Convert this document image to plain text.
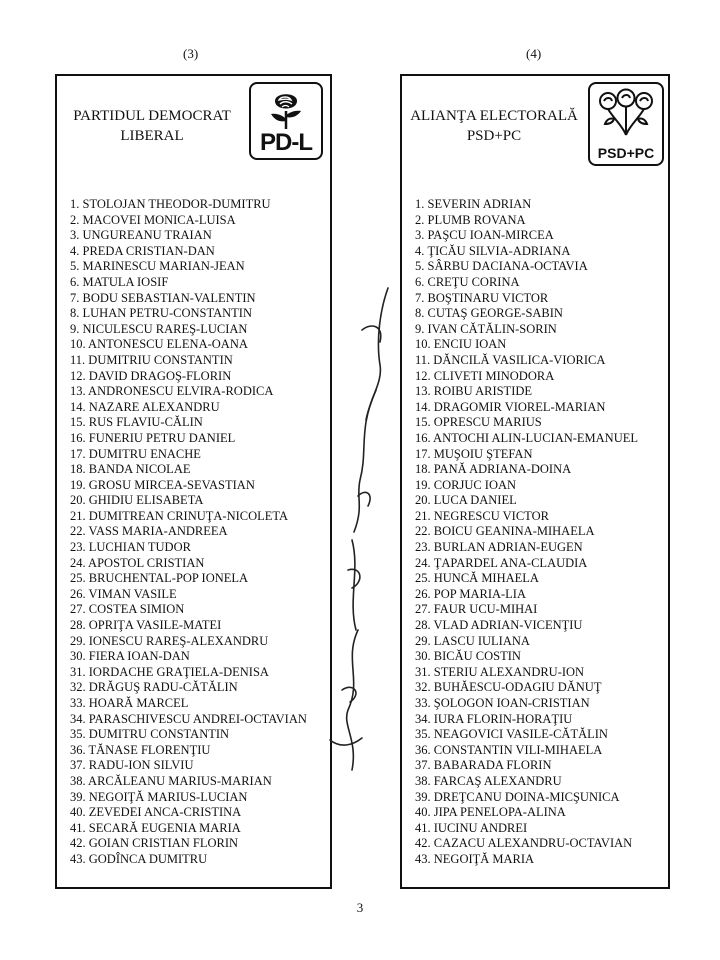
(3)	(4)
PARTIDUL DEMOCRAT
LIBERAL	PD-L
1. STOLOJAN THEODOR-DUMITRU
2. MACOVEI MONICA-LUISA
3. UNGUREANU TRAIAN
4. PREDA CRISTIAN-DAN
5. MARINESCU MARIAN-JEAN
6. MATULA IOSIF
7. BODU SEBASTIAN-VALENTIN
8. LUHAN PETRU-CONSTANTIN
9. NICULESCU RAREŞ-LUCIAN
10. ANTONESCU ELENA-OANA
11. DUMITRIU CONSTANTIN
12. DAVID DRAGOŞ-FLORIN
13. ANDRONESCU ELVIRA-RODICA
14. NAZARE ALEXANDRU
15. RUS FLAVIU-CĂLIN
16. FUNERIU PETRU DANIEL
17. DUMITRU ENACHE
18. BANDA NICOLAE
19. GROSU MIRCEA-SEVASTIAN
20. GHIDIU ELISABETA
21. DUMITREAN CRINUŢA-NICOLETA
22. VASS MARIA-ANDREEA
23. LUCHIAN TUDOR
24. APOSTOL CRISTIAN
25. BRUCHENTAL-POP IONELA
26. VIMAN VASILE
27. COSTEA SIMION
28. OPRIŢA VASILE-MATEI
29. IONESCU RAREŞ-ALEXANDRU
30. FIERA IOAN-DAN
31. IORDACHE GRAŢIELA-DENISA
32. DRĂGUŞ RADU-CĂTĂLIN
33. HOARĂ MARCEL
34. PARASCHIVESCU ANDREI-OCTAVIAN
35. DUMITRU CONSTANTIN
36. TĂNASE FLORENŢIU
37. RADU-ION SILVIU
38. ARCĂLEANU MARIUS-MARIAN
39. NEGOIŢĂ MARIUS-LUCIAN
40. ZEVEDEI ANCA-CRISTINA
41. SECARĂ EUGENIA MARIA
42. GOIAN CRISTIAN FLORIN
43. GODÎNCA DUMITRU
ALIANŢA ELECTORALĂ
PSD+PC
PSD+PC
1. SEVERIN ADRIAN
2. PLUMB ROVANA
3. PAŞCU IOAN-MIRCEA
4. ŢICĂU SILVIA-ADRIANA
5. SÂRBU DACIANA-OCTAVIA
6. CREŢU CORINA
7. BOŞTINARU VICTOR
8. CUTAŞ GEORGE-SABIN
9. IVAN CĂTĂLIN-SORIN
10. ENCIU IOAN
11. DĂNCILĂ VASILICA-VIORICA
12. CLIVETI MINODORA
13. ROIBU ARISTIDE
14. DRAGOMIR VIOREL-MARIAN
15. OPRESCU MARIUS
16. ANTOCHI ALIN-LUCIAN-EMANUEL
17. MUŞOIU ŞTEFAN
18. PANĂ ADRIANA-DOINA
19. CORJUC IOAN
20. LUCA DANIEL
21. NEGRESCU VICTOR
22. BOICU GEANINA-MIHAELA
23. BURLAN ADRIAN-EUGEN
24. ŢAPARDEL ANA-CLAUDIA
25. HUNCĂ MIHAELA
26. POP MARIA-LIA
27. FAUR UCU-MIHAI
28. VLAD ADRIAN-VICENŢIU
29. LASCU IULIANA
30. BICĂU COSTIN
31. STERIU ALEXANDRU-ION
32. BUHĂESCU-ODAGIU DĂNUŢ
33. ŞOLOGON IOAN-CRISTIAN
34. IURA FLORIN-HORAŢIU
35. NEAGOVICI VASILE-CĂTĂLIN
36. CONSTANTIN VILI-MIHAELA
37. BABARADA FLORIN
38. FARCAŞ ALEXANDRU
39. DREŢCANU DOINA-MICŞUNICA
40. JIPA PENELOPA-ALINA
41. IUCINU ANDREI
42. CAZACU ALEXANDRU-OCTAVIAN
43. NEGOIŢĂ MARIA
3
